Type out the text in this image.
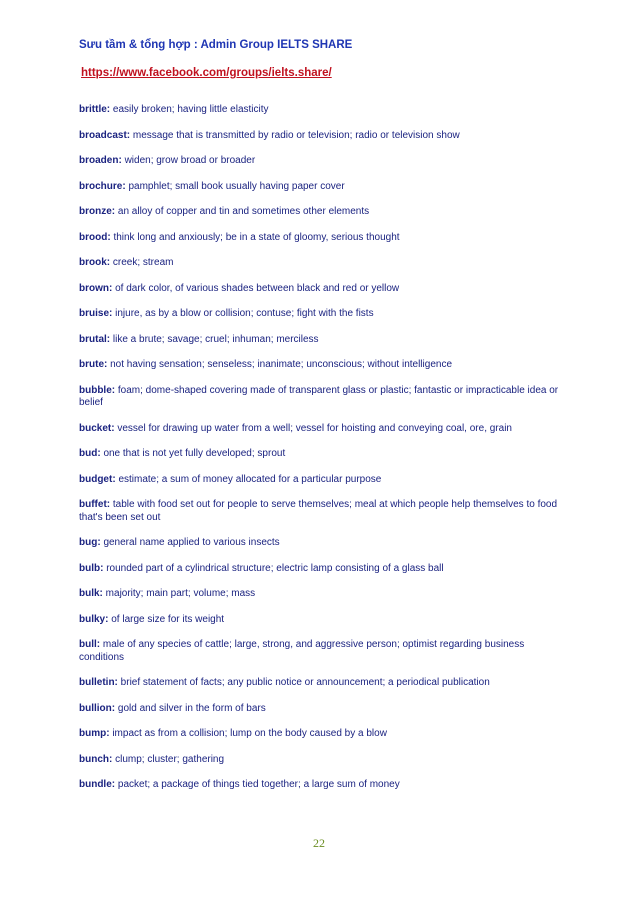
Sưu tầm & tổng hợp : Admin Group IELTS SHARE
https://www.facebook.com/groups/ielts.share/
brittle: easily broken; having little elasticity
broadcast: message that is transmitted by radio or television; radio or television show
broaden: widen; grow broad or broader
brochure: pamphlet; small book usually having paper cover
bronze: an alloy of copper and tin and sometimes other elements
brood: think long and anxiously; be in a state of gloomy, serious thought
brook: creek; stream
brown: of dark color, of various shades between black and red or yellow
bruise: injure, as by a blow or collision; contuse; fight with the fists
brutal: like a brute; savage; cruel; inhuman; merciless
brute: not having sensation; senseless; inanimate; unconscious; without intelligence
bubble: foam; dome-shaped covering made of transparent glass or plastic; fantastic or impracticable idea or belief
bucket: vessel for drawing up water from a well; vessel for hoisting and conveying coal, ore, grain
bud: one that is not yet fully developed; sprout
budget: estimate; a sum of money allocated for a particular purpose
buffet: table with food set out for people to serve themselves; meal at which people help themselves to food that's been set out
bug: general name applied to various insects
bulb: rounded part of a cylindrical structure; electric lamp consisting of a glass ball
bulk: majority; main part; volume; mass
bulky: of large size for its weight
bull: male of any species of cattle; large, strong, and aggressive person; optimist regarding business conditions
bulletin: brief statement of facts; any public notice or announcement; a periodical publication
bullion: gold and silver in the form of bars
bump: impact as from a collision; lump on the body caused by a blow
bunch: clump; cluster; gathering
bundle: packet; a package of things tied together; a large sum of money
22
